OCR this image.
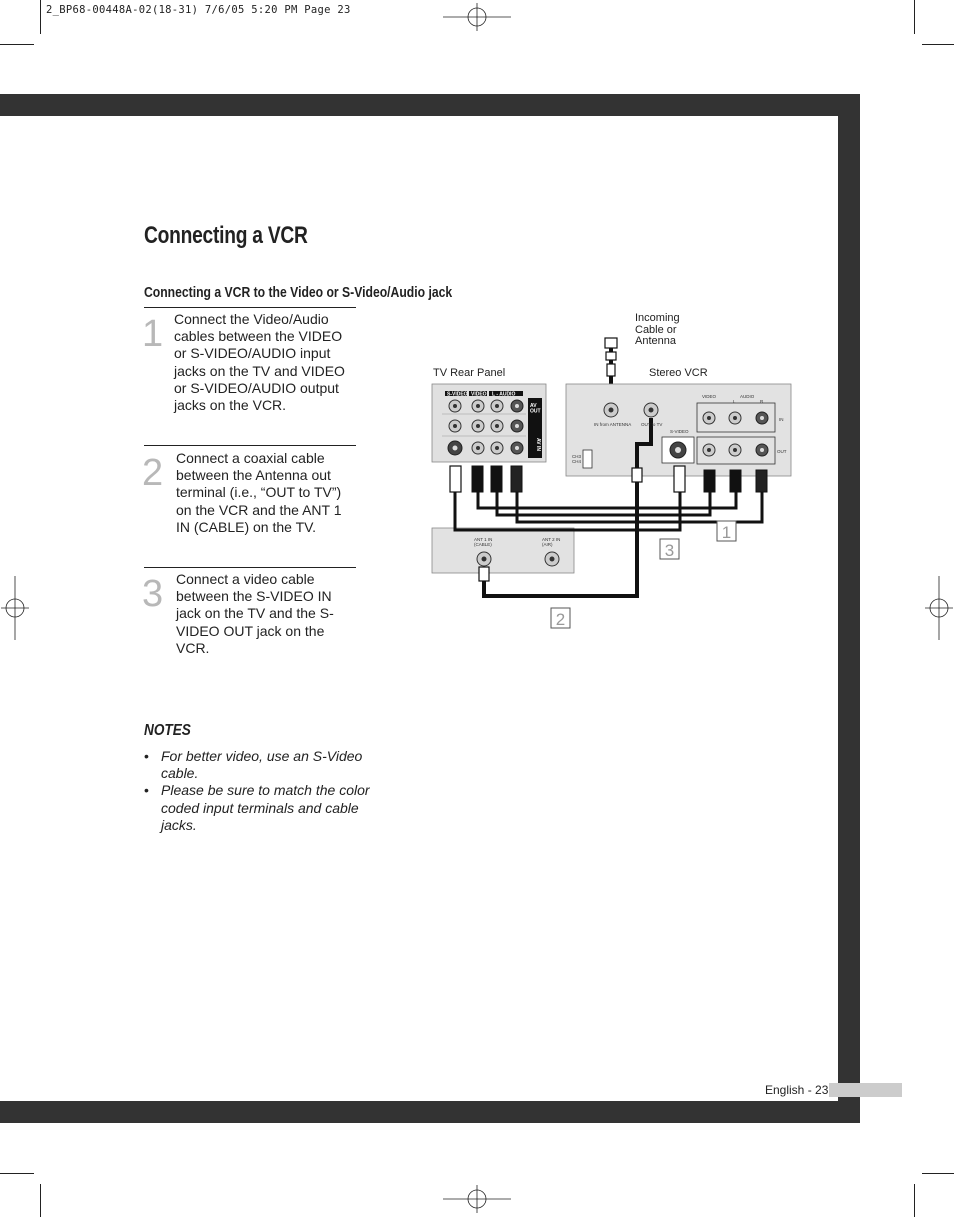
2_BP68-00448A-02(18-31) 7/6/05 5:20 PM Page 23
English - 23
Connecting a VCR
Connecting a VCR to the Video or S-Video/Audio jack
1 Connect the Video/Audio cables between the VIDEO or S-VIDEO/AUDIO input jacks on the TV and VIDEO or S-VIDEO/AUDIO output jacks on the VCR.
2 Connect a coaxial cable between the Antenna out terminal (i.e., “OUT to TV”) on the VCR and the ANT 1 IN (CABLE) on the TV.
3 Connect a video cable between the S-VIDEO IN jack on the TV and the S-VIDEO OUT jack on the VCR.
NOTES
• For better video, use an S-Video cable.
• Please be sure to match the color coded input terminals and cable jacks.
Incoming
Cable or
Antenna
TV Rear Panel	Stereo VCR
S-VIDEO VIDEO L - AUDIO
AV OUT
AV IN
IN from ANTENNA OUT to TV
S-VIDEO
CH3 CH4
VIDEO	AUDIO
L	R
IN
OUT
ANT 1 IN (CABLE)
ANT 2 IN (AIR)
1
3
2
